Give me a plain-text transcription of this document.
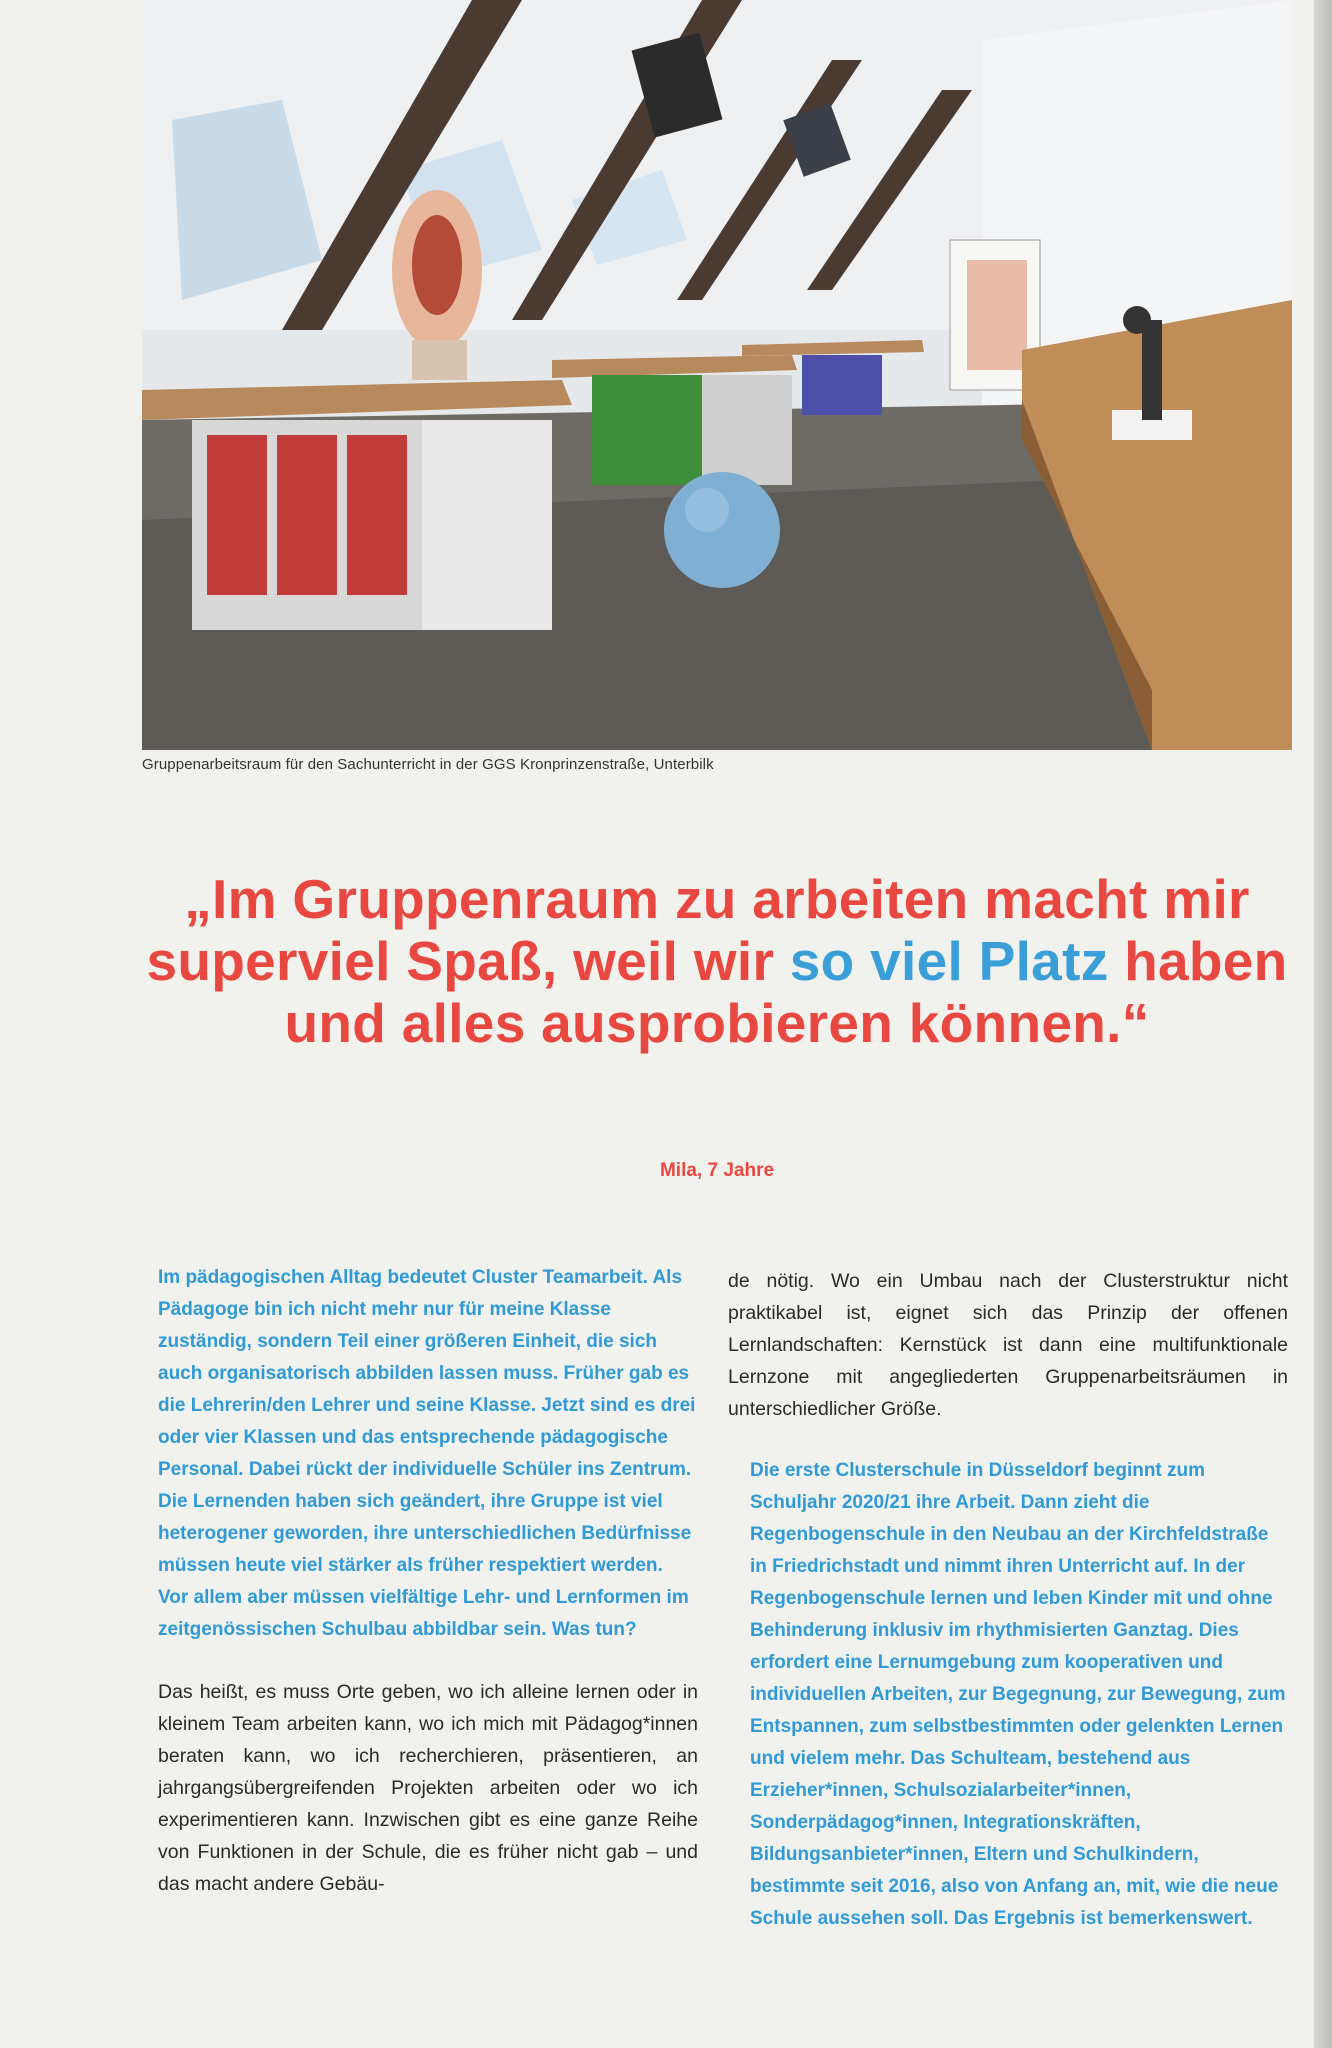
Gruppenarbeitsraum für den Sachunterricht in der GGS Kronprinzenstraße, Unterbilk
„Im Gruppenraum zu arbeiten macht mir superviel Spaß, weil wir so viel Platz haben und alles ausprobieren können.“
Mila, 7 Jahre

Im pädagogischen Alltag bedeutet Cluster Teamarbeit. Als Pädagoge bin ich nicht mehr nur für meine Klasse zuständig, sondern Teil einer größeren Einheit, die sich auch organisatorisch abbilden lassen muss. Früher gab es die Lehrerin/den Lehrer und seine Klasse. Jetzt sind es drei oder vier Klassen und das entsprechende pädagogische Personal. Dabei rückt der individuelle Schüler ins Zentrum. Die Lernenden haben sich geändert, ihre Gruppe ist viel heterogener geworden, ihre unterschiedlichen Bedürfnisse müssen heute viel stärker als früher respektiert werden. Vor allem aber müssen vielfältige Lehr- und Lernformen im zeitgenössischen Schulbau abbildbar sein. Was tun?

Das heißt, es muss Orte geben, wo ich alleine lernen oder in kleinem Team arbeiten kann, wo ich mich mit Pädagog*innen beraten kann, wo ich recherchieren, präsentieren, an jahrgangsübergreifenden Projekten arbeiten oder wo ich experimentieren kann. Inzwischen gibt es eine ganze Reihe von Funktionen in der Schule, die es früher nicht gab – und das macht andere Gebäu-

de nötig. Wo ein Umbau nach der Clusterstruktur nicht praktikabel ist, eignet sich das Prinzip der offenen Lernlandschaften: Kernstück ist dann eine multifunktionale Lernzone mit angegliederten Gruppenarbeitsräumen in unterschiedlicher Größe.

Die erste Clusterschule in Düsseldorf beginnt zum Schuljahr 2020/21 ihre Arbeit. Dann zieht die Regenbogenschule in den Neubau an der Kirchfeldstraße in Friedrichstadt und nimmt ihren Unterricht auf. In der Regenbogenschule lernen und leben Kinder mit und ohne Behinderung inklusiv im rhythmisierten Ganztag. Dies erfordert eine Lernumgebung zum kooperativen und individuellen Arbeiten, zur Begegnung, zur Bewegung, zum Entspannen, zum selbstbestimmten oder gelenkten Lernen und vielem mehr. Das Schulteam, bestehend aus Erzieher*innen, Schulsozialarbeiter*innen, Sonderpädagog*innen, Integrationskräften, Bildungsanbieter*innen, Eltern und Schulkindern, bestimmte seit 2016, also von Anfang an, mit, wie die neue Schule aussehen soll. Das Ergebnis ist bemerkenswert.
